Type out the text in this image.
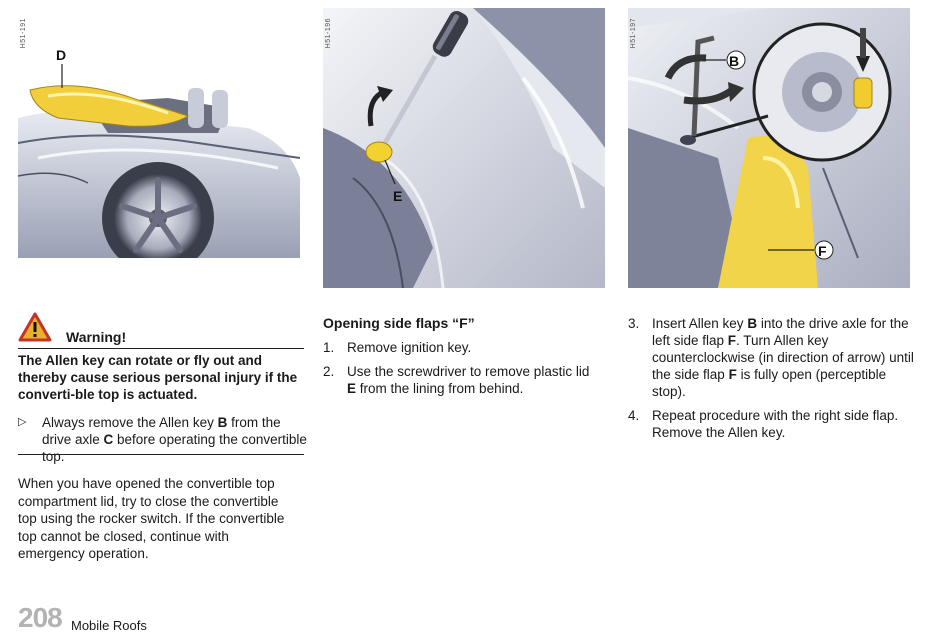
H51-191
D
H51-196
E
H51-197
B
F
Warning!
The Allen key can rotate or fly out and thereby cause serious personal injury if the converti-ble top is actuated.
▷ Always remove the Allen key B from the drive axle C before operating the convertible top.
When you have opened the convertible top compartment lid, try to close the convertible top using the rocker switch. If the convertible top cannot be closed, continue with emergency operation.
Opening side flaps “F”
1. Remove ignition key.
2. Use the screwdriver to remove plastic lid E from the lining from behind.
3. Insert Allen key B into the drive axle for the left side flap F. Turn Allen key counterclockwise (in direction of arrow) until the side flap F is fully open (perceptible stop).
4. Repeat procedure with the right side flap. Remove the Allen key.
208 Mobile Roofs
